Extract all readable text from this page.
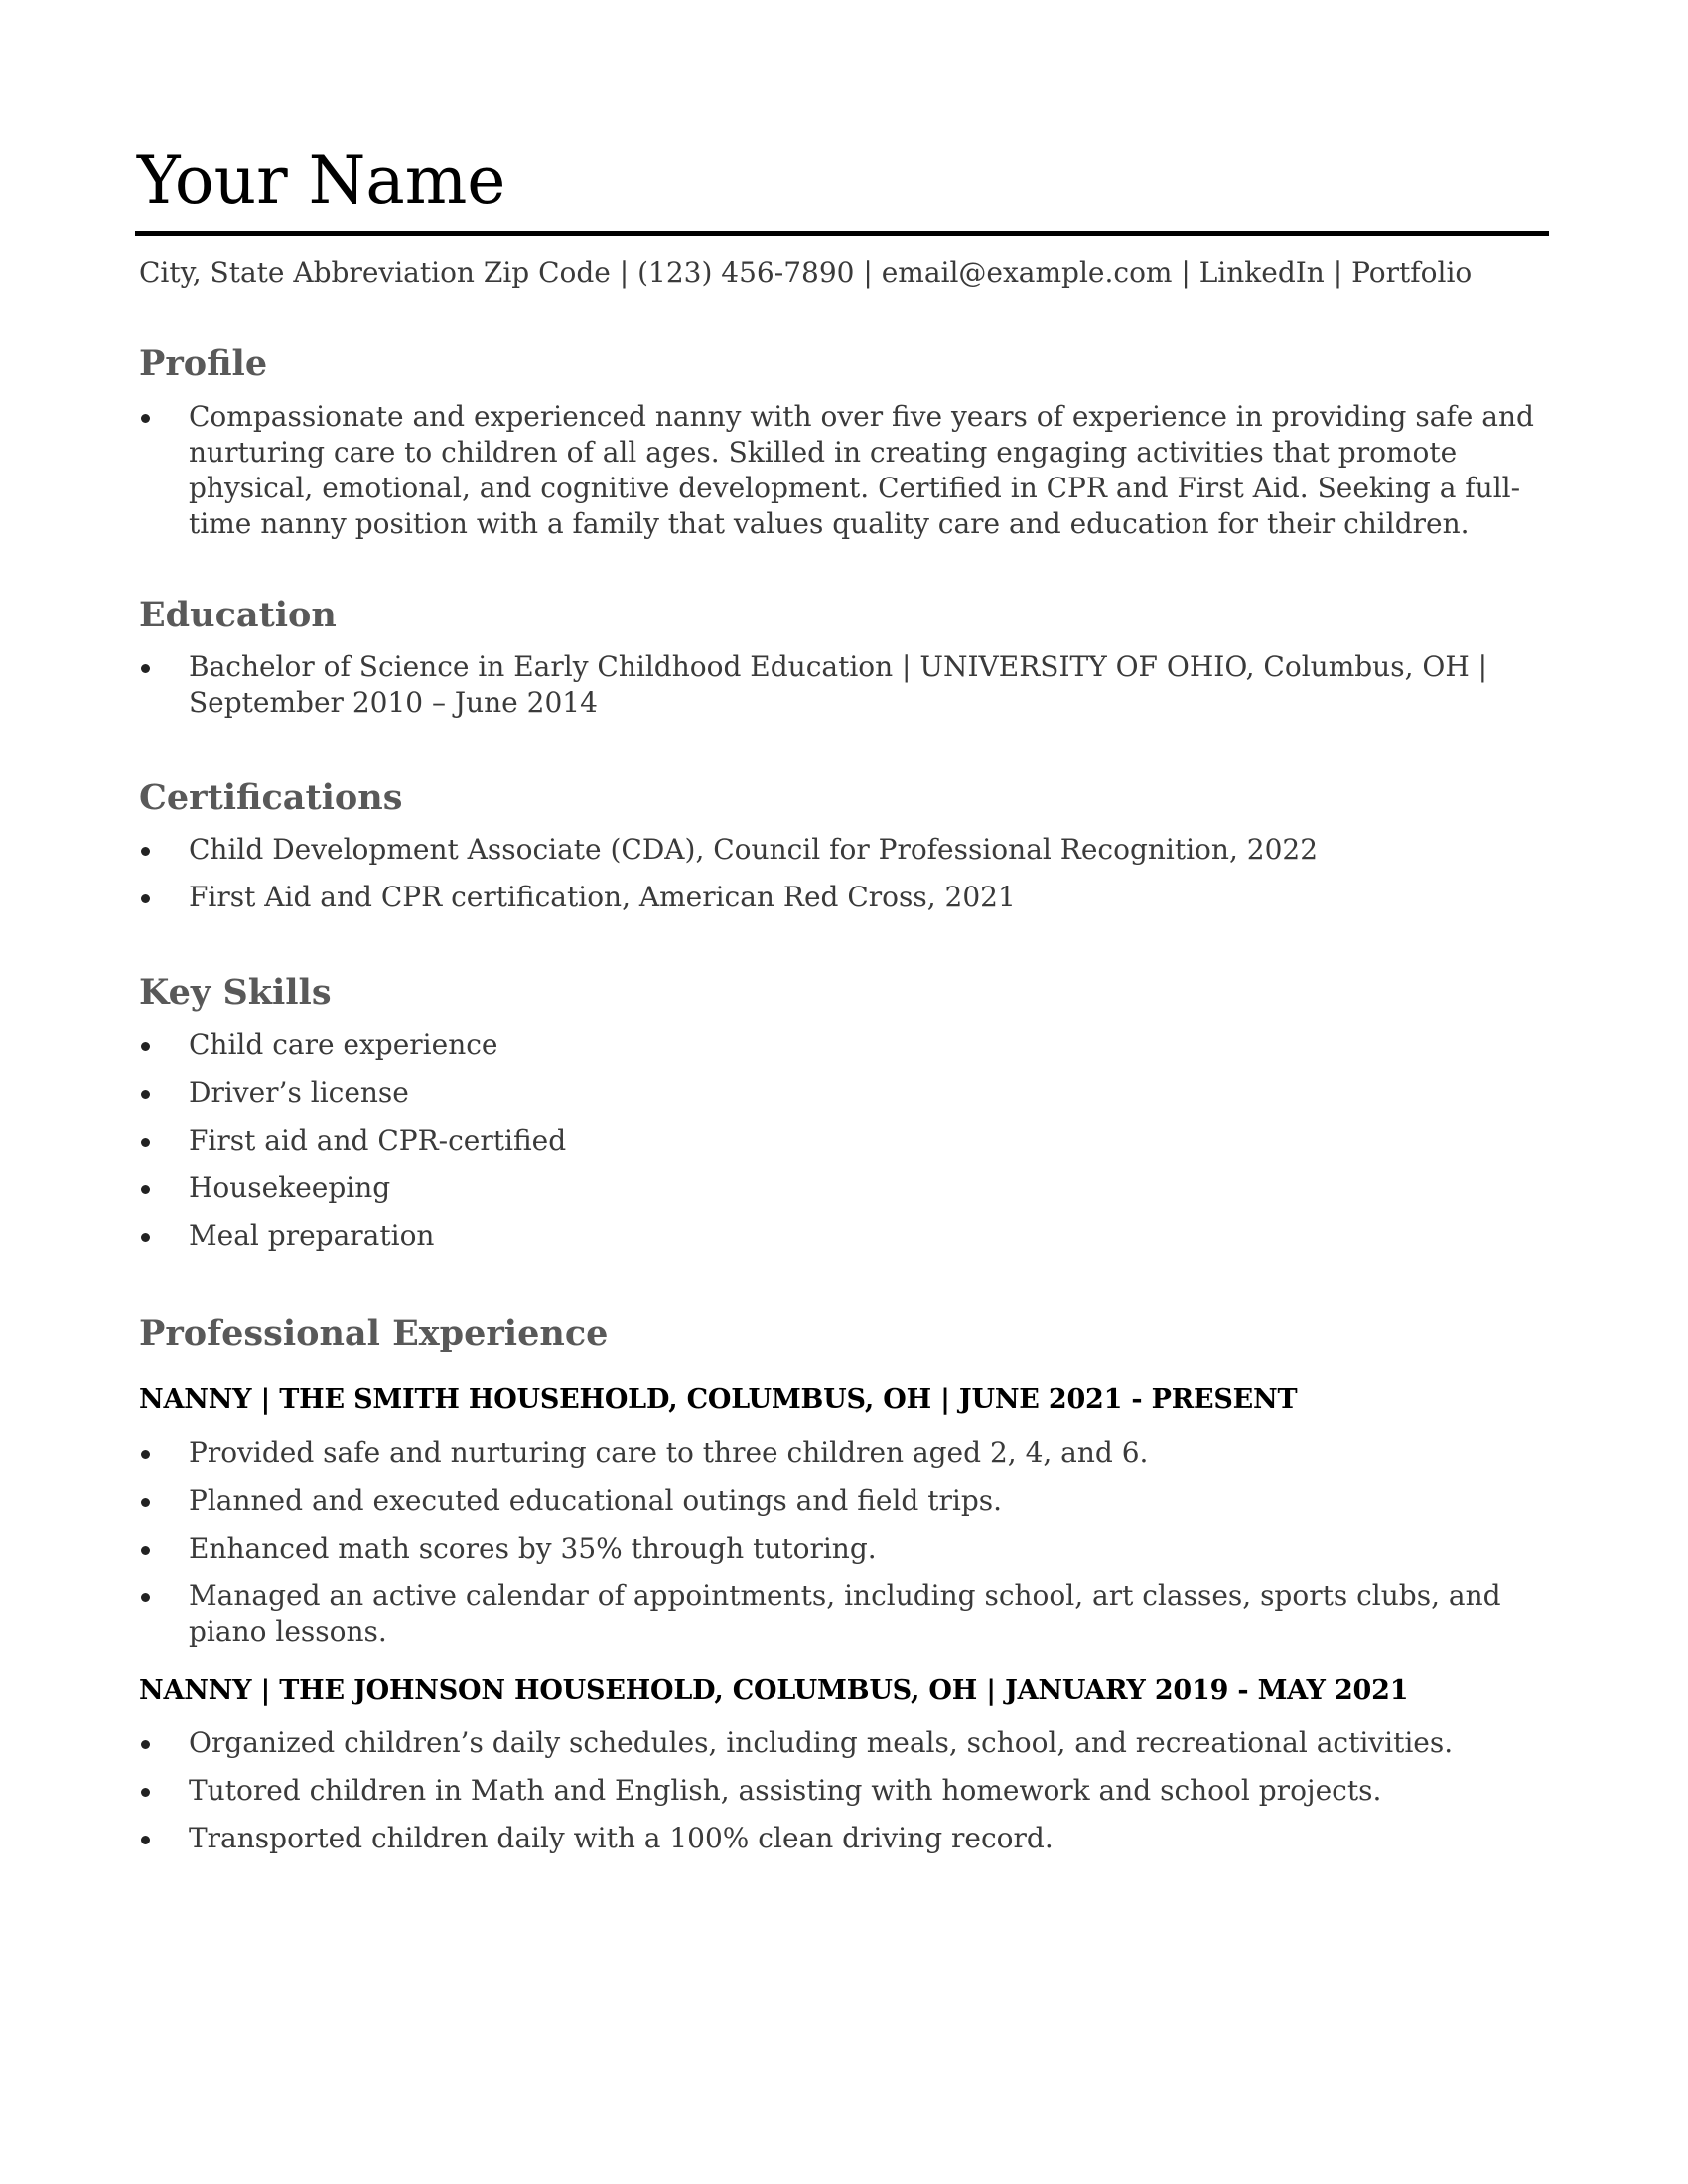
Your Name
City, State Abbreviation Zip Code | (123) 456-7890 | email@example.com | LinkedIn | Portfolio
Profile
Compassionate and experienced nanny with over five years of experience in providing safe and nurturing care to children of all ages. Skilled in creating engaging activities that promote physical, emotional, and cognitive development. Certified in CPR and First Aid. Seeking a full-time nanny position with a family that values quality care and education for their children.
Education
Bachelor of Science in Early Childhood Education | UNIVERSITY OF OHIO, Columbus, OH | September 2010 – June 2014
Certifications
Child Development Associate (CDA), Council for Professional Recognition, 2022
First Aid and CPR certification, American Red Cross, 2021
Key Skills
Child care experience
Driver’s license
First aid and CPR-certified
Housekeeping
Meal preparation
Professional Experience
NANNY | THE SMITH HOUSEHOLD, COLUMBUS, OH | JUNE 2021 - PRESENT
Provided safe and nurturing care to three children aged 2, 4, and 6.
Planned and executed educational outings and field trips.
Enhanced math scores by 35% through tutoring.
Managed an active calendar of appointments, including school, art classes, sports clubs, and piano lessons.
NANNY | THE JOHNSON HOUSEHOLD, COLUMBUS, OH | JANUARY 2019 - MAY 2021
Organized children’s daily schedules, including meals, school, and recreational activities.
Tutored children in Math and English, assisting with homework and school projects.
Transported children daily with a 100% clean driving record.
